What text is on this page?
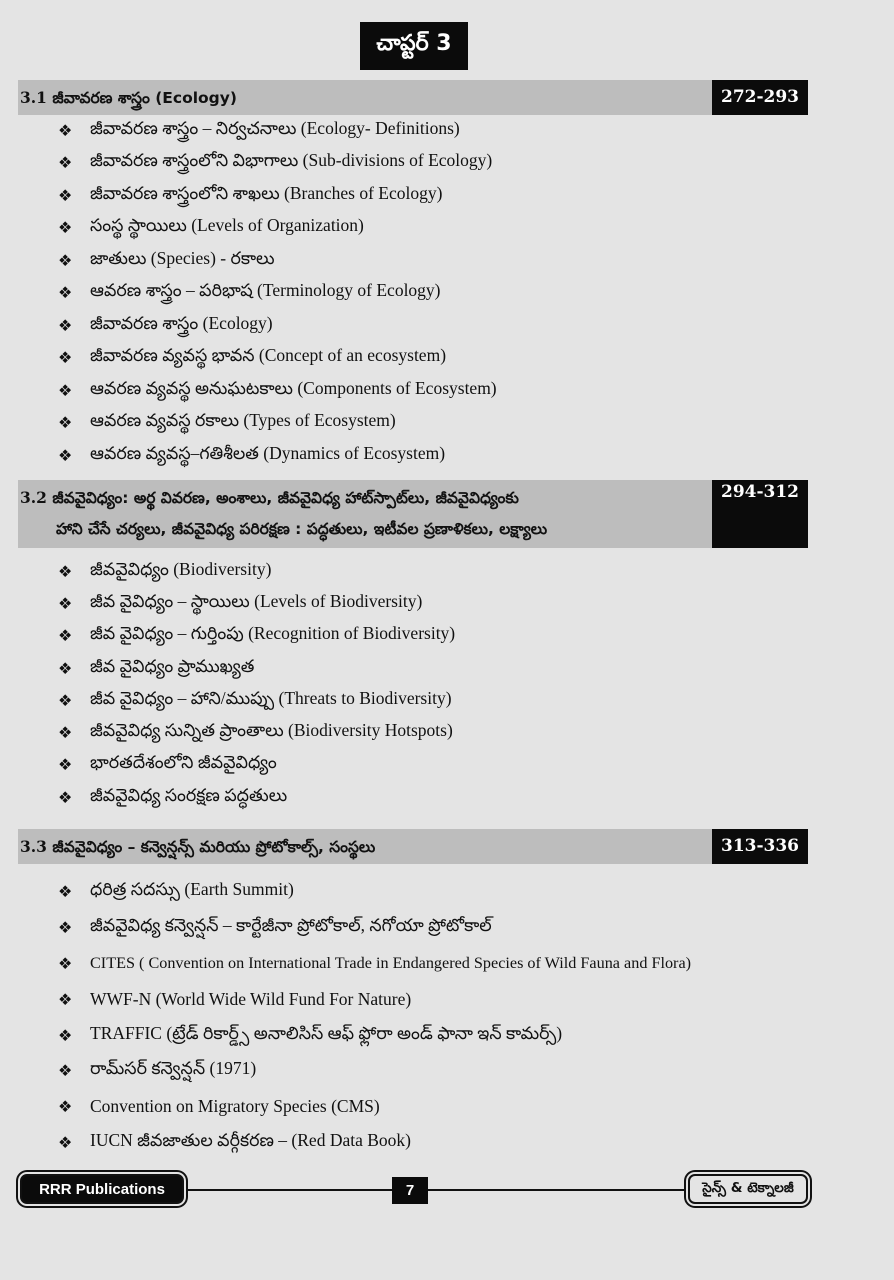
చాప్టర్ 3
3.1 జీవావరణ శాస్త్రం (Ecology)	272-293
❖	జీవావరణ శాస్త్రం – నిర్వచనాలు (Ecology- Definitions)
❖	జీవావరణ శాస్త్రంలోని విభాగాలు (Sub-divisions of Ecology)
❖	జీవావరణ శాస్త్రంలోని శాఖలు (Branches of Ecology)
❖	సంస్థ స్థాయిలు (Levels of Organization)
❖	జాతులు (Species) - రకాలు
❖	ఆవరణ శాస్త్రం – పరిభాష (Terminology of Ecology)
❖	జీవావరణ శాస్త్రం (Ecology)
❖	జీవావరణ వ్యవస్థ భావన (Concept of an ecosystem)
❖	ఆవరణ వ్యవస్థ అనుఘటకాలు (Components of Ecosystem)
❖	ఆవరణ వ్యవస్థ రకాలు (Types of Ecosystem)
❖	ఆవరణ వ్యవస్థ–గతిశీలత (Dynamics of Ecosystem)
3.2 జీవవైవిధ్యం: అర్థ వివరణ, అంశాలు, జీవవైవిధ్య హాట్‌స్పాట్‌లు, జీవవైవిధ్యంకు
హాని చేసే చర్యలు, జీవవైవిధ్య పరిరక్షణ : పద్ధతులు, ఇటీవల ప్రణాళికలు, లక్ష్యాలు
294-312
❖	జీవవైవిధ్యం (Biodiversity)
❖	జీవ వైవిధ్యం – స్థాయిలు (Levels of Biodiversity)
❖	జీవ వైవిధ్యం – గుర్తింపు (Recognition of Biodiversity)
❖	జీవ వైవిధ్యం ప్రాముఖ్యత
❖	జీవ వైవిధ్యం – హాని/ముప్పు (Threats to Biodiversity)
❖	జీవవైవిధ్య సున్నిత ప్రాంతాలు (Biodiversity Hotspots)
❖	భారతదేశంలోని జీవవైవిధ్యం
❖	జీవవైవిధ్య సంరక్షణ పద్ధతులు
3.3 జీవవైవిధ్యం – కన్వెన్షన్స్ మరియు ప్రోటోకాల్స్, సంస్థలు	313-336
❖	ధరిత్ర సదస్సు (Earth Summit)
❖	జీవవైవిధ్య కన్వెన్షన్ – కార్టేజీనా ప్రోటోకాల్, నగోయా ప్రోటోకాల్
❖	CITES ( Convention on International Trade in Endangered Species of Wild Fauna and Flora)
❖	WWF-N (World Wide Wild Fund For Nature)
❖	TRAFFIC (ట్రేడ్ రికార్డ్స్ అనాలిసిస్ ఆఫ్ ఫ్లోరా అండ్ ఫానా ఇన్ కామర్స్)
❖	రామ్‌సర్ కన్వెన్షన్ (1971)
❖	Convention on Migratory Species (CMS)
❖	IUCN జీవజాతుల వర్గీకరణ – (Red Data Book)
RRR Publications	7	సైన్స్ & టెక్నాలజీ
